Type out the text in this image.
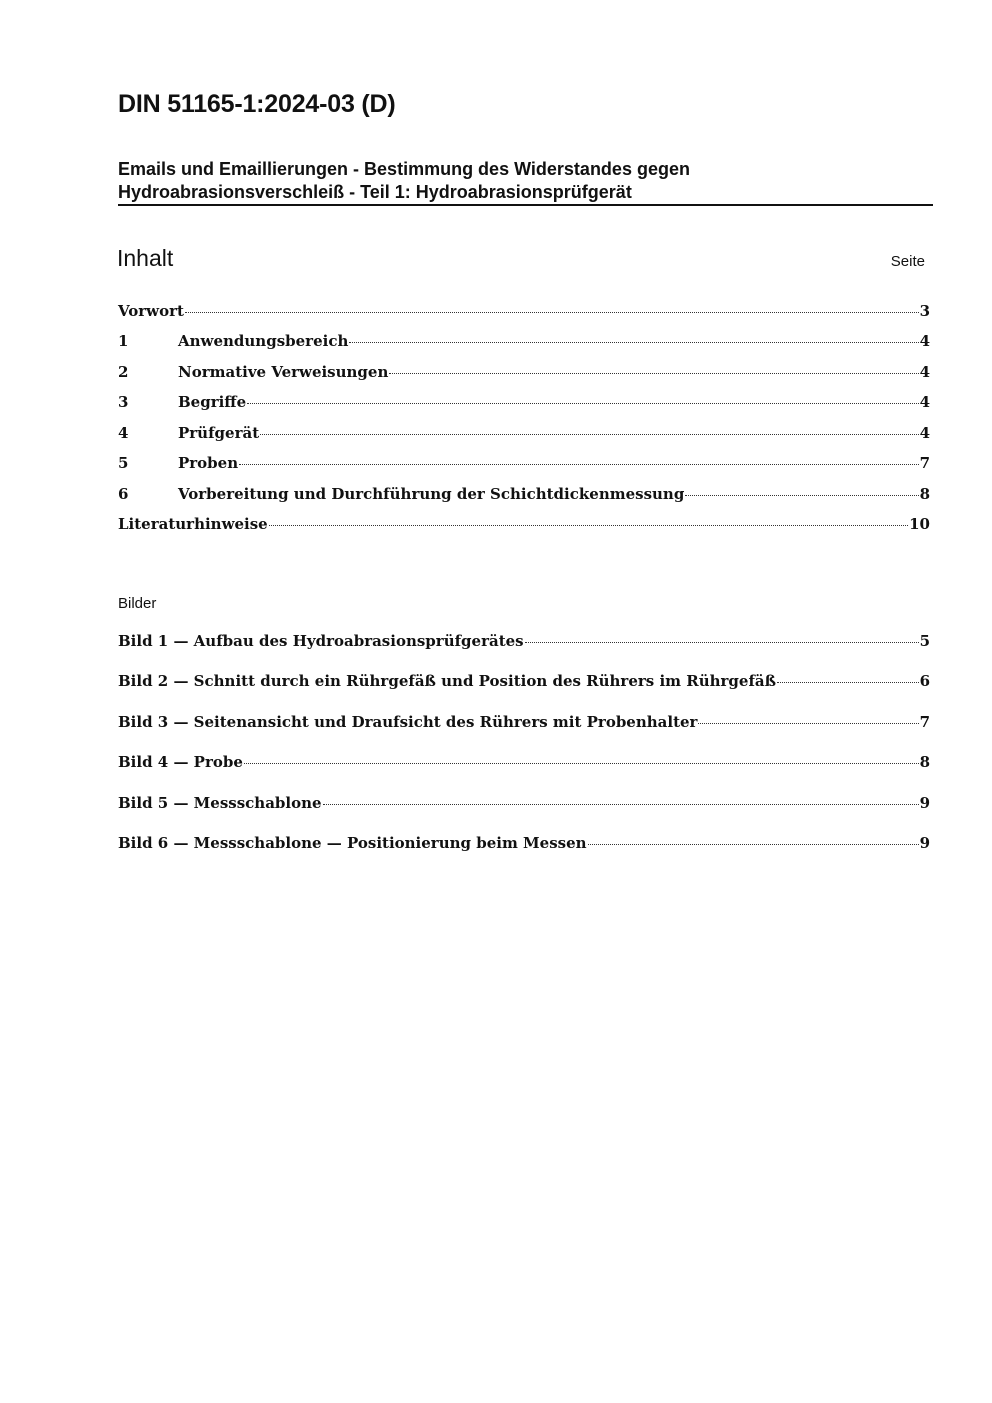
DIN 51165-1:2024-03 (D)
Emails und Emaillierungen - Bestimmung des Widerstandes gegen
Hydroabrasionsverschleiß - Teil 1: Hydroabrasionsprüfgerät
Inhalt	Seite
Vorwort	3
1	Anwendungsbereich	4
2	Normative Verweisungen	4
3	Begriffe	4
4	Prüfgerät	4
5	Proben	7
6	Vorbereitung und Durchführung der Schichtdickenmessung	8
Literaturhinweise	10
Bilder
Bild 1 — Aufbau des Hydroabrasionsprüfgerätes	5
Bild 2 — Schnitt durch ein Rührgefäß und Position des Rührers im Rührgefäß	6
Bild 3 — Seitenansicht und Draufsicht des Rührers mit Probenhalter	7
Bild 4 — Probe	8
Bild 5 — Messschablone	9
Bild 6 — Messschablone — Positionierung beim Messen	9
